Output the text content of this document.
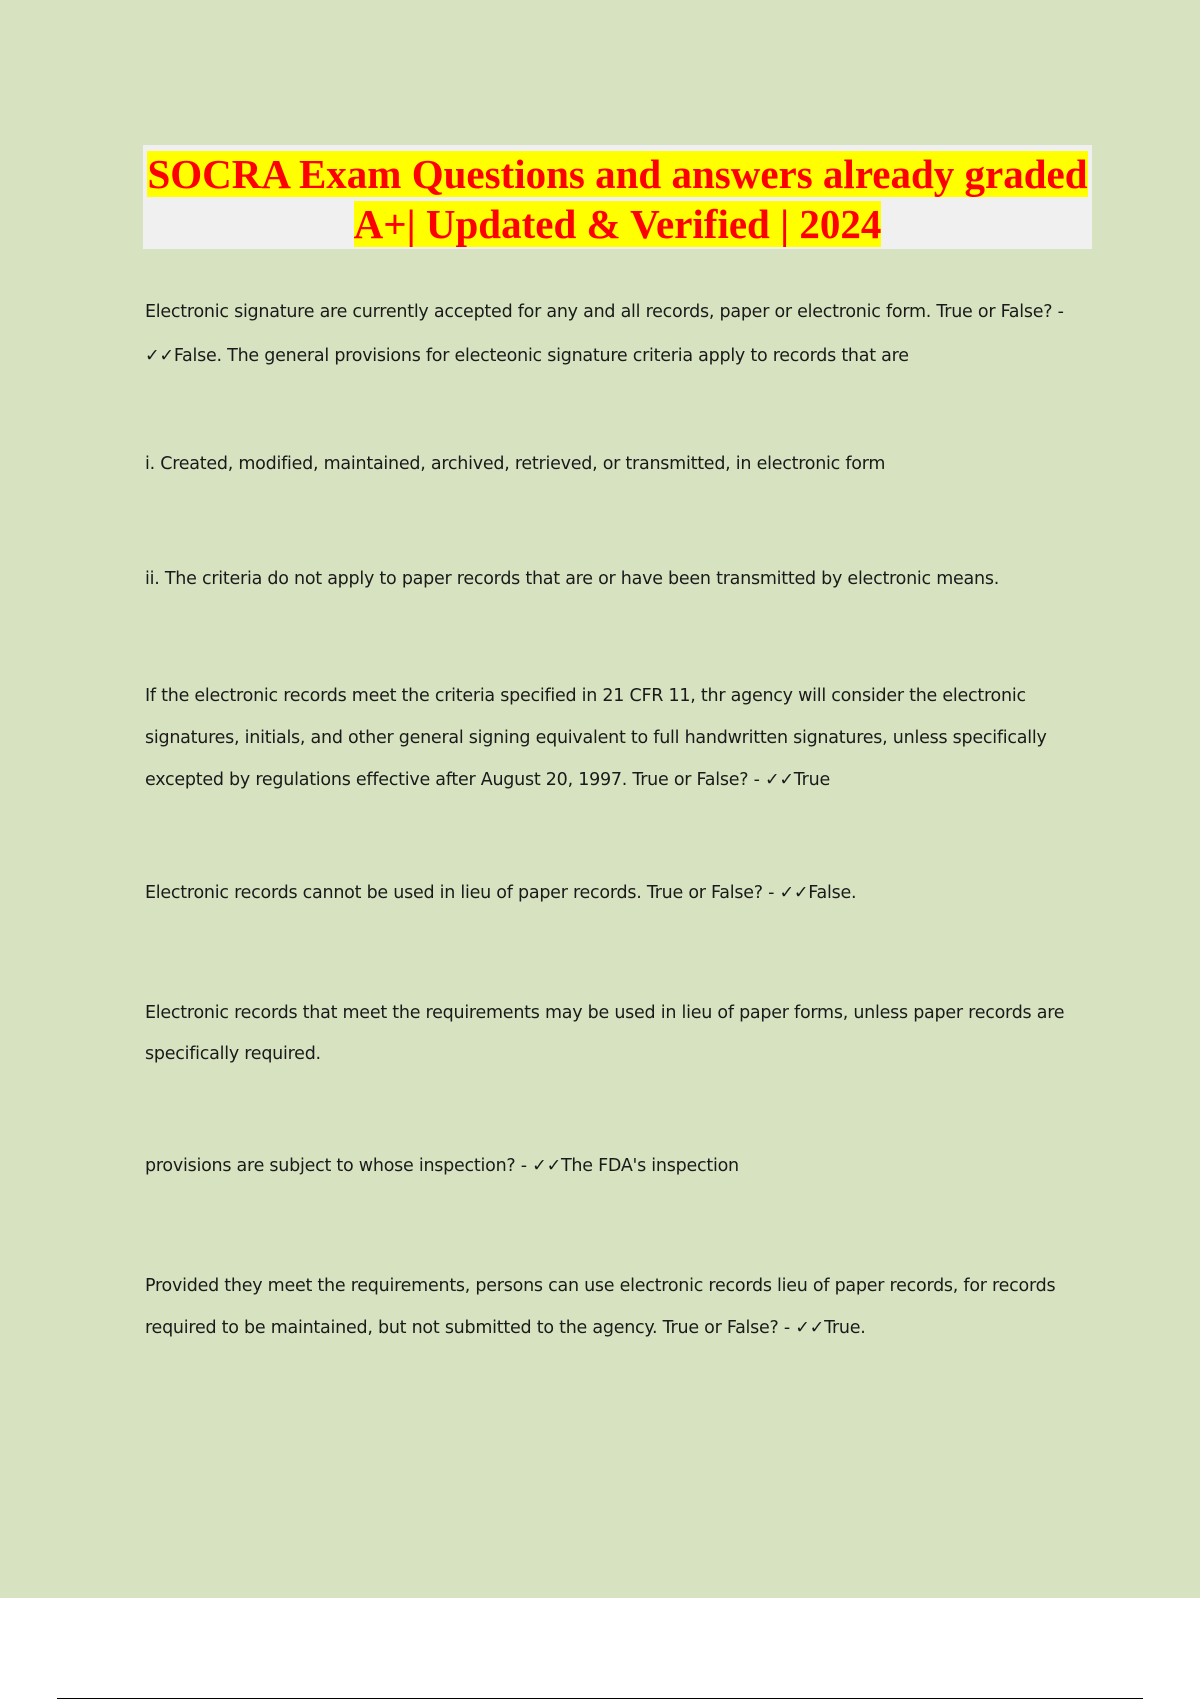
SOCRA Exam Questions and answers already graded A+| Updated & Verified | 2024

Electronic signature are currently accepted for any and all records, paper or electronic form. True or False? - ✓✓False. The general provisions for electeonic signature criteria apply to records that are

i. Created, modified, maintained, archived, retrieved, or transmitted, in electronic form

ii. The criteria do not apply to paper records that are or have been transmitted by electronic means.

If the electronic records meet the criteria specified in 21 CFR 11, thr agency will consider the electronic signatures, initials, and other general signing equivalent to full handwritten signatures, unless specifically excepted by regulations effective after August 20, 1997. True or False? - ✓✓True

Electronic records cannot be used in lieu of paper records. True or False? - ✓✓False.

Electronic records that meet the requirements may be used in lieu of paper forms, unless paper records are specifically required.

provisions are subject to whose inspection? - ✓✓The FDA's inspection

Provided they meet the requirements, persons can use electronic records lieu of paper records, for records required to be maintained, but not submitted to the agency. True or False? - ✓✓True.
